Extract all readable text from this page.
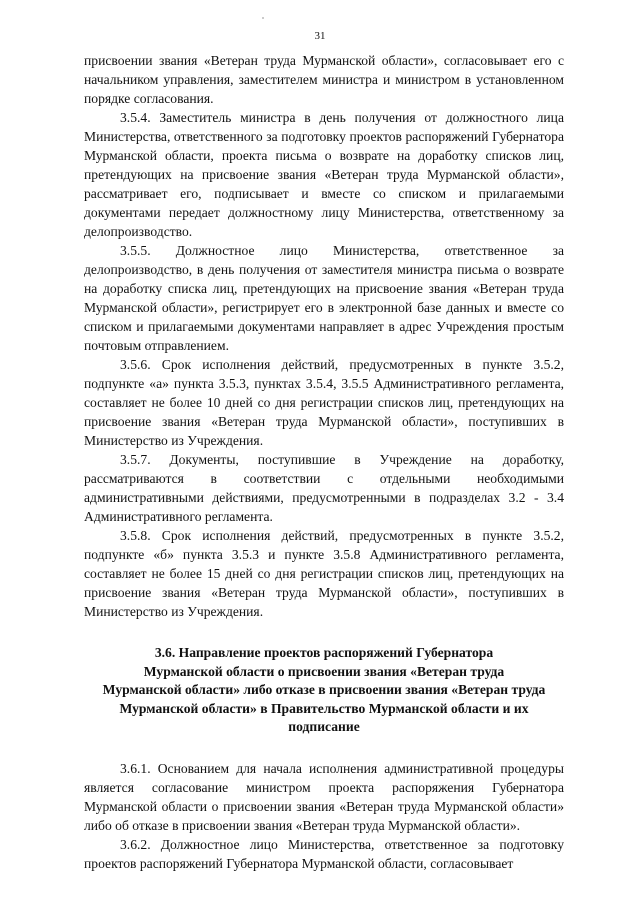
31

присвоении звания «Ветеран труда Мурманской области», согласовывает его с начальником управления, заместителем министра и министром в установленном порядке согласования.

3.5.4. Заместитель министра в день получения от должностного лица Министерства, ответственного за подготовку проектов распоряжений Губернатора Мурманской области, проекта письма о возврате на доработку списков лиц, претендующих на присвоение звания «Ветеран труда Мурманской области», рассматривает его, подписывает и вместе со списком и прилагаемыми документами передает должностному лицу Министерства, ответственному за делопроизводство.

3.5.5. Должностное лицо Министерства, ответственное за делопроизводство, в день получения от заместителя министра письма о возврате на доработку списка лиц, претендующих на присвоение звания «Ветеран труда Мурманской области», регистрирует его в электронной базе данных и вместе со списком и прилагаемыми документами направляет в адрес Учреждения простым почтовым отправлением.

3.5.6. Срок исполнения действий, предусмотренных в пункте 3.5.2, подпункте «а» пункта 3.5.3, пунктах 3.5.4, 3.5.5 Административного регламента, составляет не более 10 дней со дня регистрации списков лиц, претендующих на присвоение звания «Ветеран труда Мурманской области», поступивших в Министерство из Учреждения.

3.5.7. Документы, поступившие в Учреждение на доработку, рассматриваются в соответствии с отдельными необходимыми административными действиями, предусмотренными в подразделах 3.2 - 3.4 Административного регламента.

3.5.8. Срок исполнения действий, предусмотренных в пункте 3.5.2, подпункте «б» пункта 3.5.3 и пункте 3.5.8 Административного регламента, составляет не более 15 дней со дня регистрации списков лиц, претендующих на присвоение звания «Ветеран труда Мурманской области», поступивших в Министерство из Учреждения.

3.6. Направление проектов распоряжений Губернатора
Мурманской области о присвоении звания «Ветеран труда
Мурманской области» либо отказе в присвоении звания «Ветеран труда
Мурманской области» в Правительство Мурманской области и их
подписание

3.6.1. Основанием для начала исполнения административной процедуры является согласование министром проекта распоряжения Губернатора Мурманской области о присвоении звания «Ветеран труда Мурманской области» либо об отказе в присвоении звания «Ветеран труда Мурманской области».

3.6.2. Должностное лицо Министерства, ответственное за подготовку проектов распоряжений Губернатора Мурманской области, согласовывает
